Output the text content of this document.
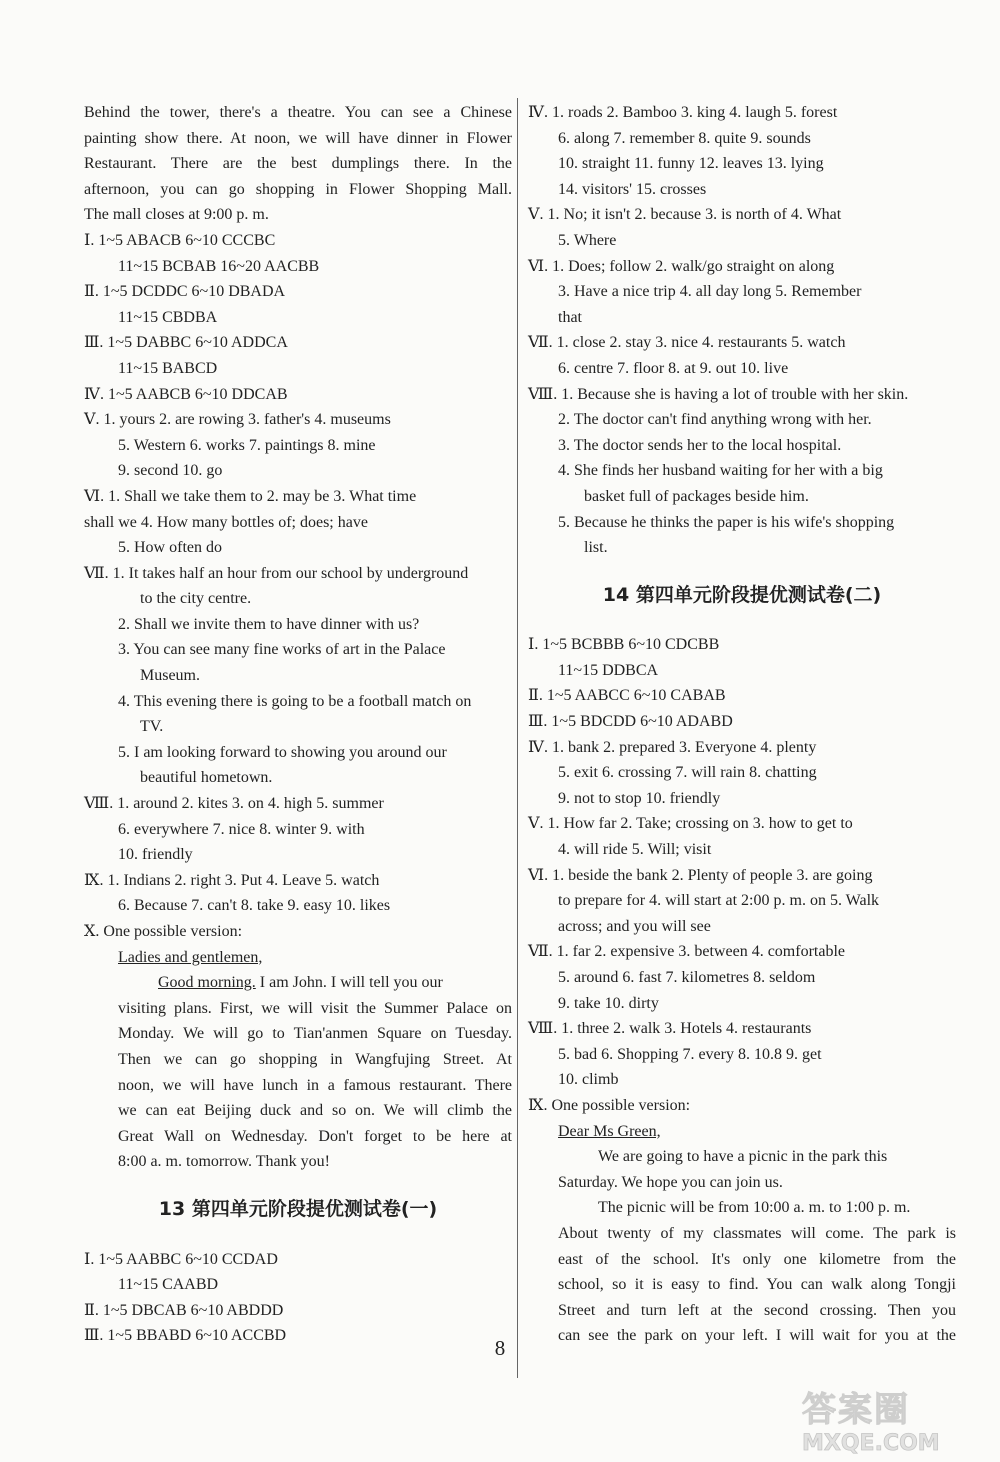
Behind the tower, there's a theatre. You can see a Chinese
painting show there. At noon, we will have dinner in Flower
Restaurant. There are the best dumplings there. In the
afternoon, you can go shopping in Flower Shopping Mall.
The mall closes at 9:00 p. m.
Ⅰ. 1~5 ABACB 6~10 CCCBC
11~15 BCBAB 16~20 AACBB
Ⅱ. 1~5 DCDDC 6~10 DBADA
11~15 CBDBA
Ⅲ. 1~5 DABBC 6~10 ADDCA
11~15 BABCD
Ⅳ. 1~5 AABCB 6~10 DDCAB
Ⅴ. 1. yours 2. are rowing 3. father's 4. museums
5. Western 6. works 7. paintings 8. mine
9. second 10. go
Ⅵ. 1. Shall we take them to 2. may be 3. What time
shall we 4. How many bottles of; does; have
5. How often do
Ⅶ. 1. It takes half an hour from our school by underground
to the city centre.
2. Shall we invite them to have dinner with us?
3. You can see many fine works of art in the Palace
Museum.
4. This evening there is going to be a football match on
TV.
5. I am looking forward to showing you around our
beautiful hometown.
Ⅷ. 1. around 2. kites 3. on 4. high 5. summer
6. everywhere 7. nice 8. winter 9. with
10. friendly
Ⅸ. 1. Indians 2. right 3. Put 4. Leave 5. watch
6. Because 7. can't 8. take 9. easy 10. likes
Ⅹ. One possible version:
Ladies and gentlemen,
Good morning. I am John. I will tell you our
visiting plans. First, we will visit the Summer Palace on
Monday. We will go to Tian'anmen Square on Tuesday.
Then we can go shopping in Wangfujing Street. At
noon, we will have lunch in a famous restaurant. There
we can eat Beijing duck and so on. We will climb the
Great Wall on Wednesday. Don't forget to be here at
8:00 a. m. tomorrow. Thank you!
13 第四单元阶段提优测试卷(一)
Ⅰ. 1~5 AABBC 6~10 CCDAD
11~15 CAABD
Ⅱ. 1~5 DBCAB 6~10 ABDDD
Ⅲ. 1~5 BBABD 6~10 ACCBD
Ⅳ. 1. roads 2. Bamboo 3. king 4. laugh 5. forest
6. along 7. remember 8. quite 9. sounds
10. straight 11. funny 12. leaves 13. lying
14. visitors' 15. crosses
Ⅴ. 1. No; it isn't 2. because 3. is north of 4. What
5. Where
Ⅵ. 1. Does; follow 2. walk/go straight on along
3. Have a nice trip 4. all day long 5. Remember
that
Ⅶ. 1. close 2. stay 3. nice 4. restaurants 5. watch
6. centre 7. floor 8. at 9. out 10. live
Ⅷ. 1. Because she is having a lot of trouble with her skin.
2. The doctor can't find anything wrong with her.
3. The doctor sends her to the local hospital.
4. She finds her husband waiting for her with a big
basket full of packages beside him.
5. Because he thinks the paper is his wife's shopping
list.
14 第四单元阶段提优测试卷(二)
Ⅰ. 1~5 BCBBB 6~10 CDCBB
11~15 DDBCA
Ⅱ. 1~5 AABCC 6~10 CABAB
Ⅲ. 1~5 BDCDD 6~10 ADABD
Ⅳ. 1. bank 2. prepared 3. Everyone 4. plenty
5. exit 6. crossing 7. will rain 8. chatting
9. not to stop 10. friendly
Ⅴ. 1. How far 2. Take; crossing on 3. how to get to
4. will ride 5. Will; visit
Ⅵ. 1. beside the bank 2. Plenty of people 3. are going
to prepare for 4. will start at 2:00 p. m. on 5. Walk
across; and you will see
Ⅶ. 1. far 2. expensive 3. between 4. comfortable
5. around 6. fast 7. kilometres 8. seldom
9. take 10. dirty
Ⅷ. 1. three 2. walk 3. Hotels 4. restaurants
5. bad 6. Shopping 7. every 8. 10.8 9. get
10. climb
Ⅸ. One possible version:
Dear Ms Green,
We are going to have a picnic in the park this
Saturday. We hope you can join us.
The picnic will be from 10:00 a. m. to 1:00 p. m.
About twenty of my classmates will come. The park is
east of the school. It's only one kilometre from the
school, so it is easy to find. You can walk along Tongji
Street and turn left at the second crossing. Then you
can see the park on your left. I will wait for you at the
8
答案圈
MXQE.COM
